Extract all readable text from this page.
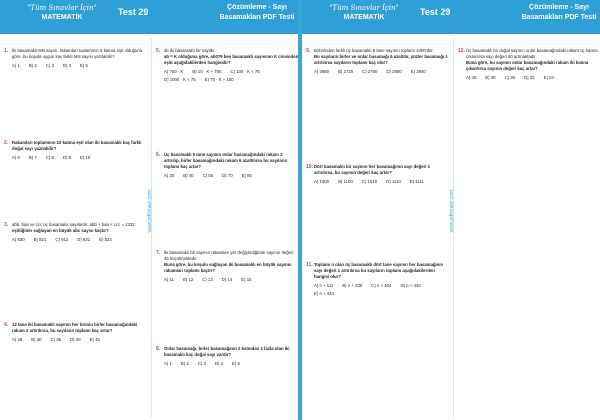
"Tüm Sınavlar İçin"
MATEMATİK
Test 29	Çözümleme - Sayı Basamakları PDF Testi
www.pdfsinavi.com
1. İki basamaklı MN sayısı, rakamları toplamının 5 katına eşit olduğuna göre, bu koşula uygun kaç farklı MN sayısı yazılabilir?
A) 1 B) 2 C) 3 D) 4 E) 5
2. Rakamları toplamının 10 katına eşit olan iki basamaklı kaç farklı doğal sayı yazılabilir?
A) 6 B) 7 C) 8 D) 9 E) 10
3. abb, baa ve ccc üç basamaklı sayılardır. abb + baa < ccc = 1332
eşitliğinin sağlayan en büyük abc sayısı kaçtır?
A) 930 B) 821 C) 912 D) 831 E) 822
4. 12 tane iki basamaklı sayının her birinin birler basamağındaki rakam 2 artırılırsa, bu sayıların toplamı kaç artar?
A) 28 B) 30 C) 36 D) 40 E) 45
5. ab iki basamaklı bir sayıdır.
ab = K olduğuna göre, ab079 beş basamaklı sayısının K cinsinden eşiti aşağıdakilerden hangisidir?
A) 750 · K B) 10 · K + 750 C) 100 · K + 75
D) 1000 · K + 75 E) 75 · K + 100
6. Üç basamaklı 5 tane sayının onlar basamağındaki rakam 2 artırılıp, birler basamağındaki rakam 6 azaltılırsa bu sayıların toplamı kaç artar?
A) 20 B) 40 C) 55 D) 70 E) 80
7. İki basamaklı bir sayının rakamları yer değiştirdiğinde sayının değeri 45 küçülmektedir.
Buna göre, bu koşulu sağlayan iki basamaklı en büyük sayının rakamları toplamı kaçtır?
A) 11 B) 12 C) 13 D) 14 E) 15
8. Onlar basamağı, birler basamağının 2 katından 1 fazla olan iki basamaklı kaç doğal sayı vardır?
A) 1 B) 2 C) 3 D) 4 E) 5
"Tüm Sınavlar İçin"
MATEMATİK
Test 29	Çözümleme - Sayı Basamakları PDF Testi
www.pdfsinavi.com
9. Birbirinden farklı üç basamaklı 8 tane sayının toplamı 2400'dür.
Bu sayıların birler ve onlar basamağı 5 azaltılır, yüzler basamağı 1 artırılırsa sayıların toplamı kaç olur?
A) 2680 B) 2720 C) 2760 D) 2800 E) 2840
10. Dört basamaklı bir sayının her basamağının sayı değeri 1 artırılırsa, bu sayının değeri kaç artar?
A) 1000 B) 1100 C) 1010 D) 1110 E) 1111
11. Toplamı n olan üç basamaklı dört tane sayının her basamağının sayı değeri 1 artırılırsa bu sayıların toplamı aşağıdakilerden hangisi olur?
A) n + 111 B) n + 220 C) n + 404 D) n + 440
E) n + 444
12. Üç basamaklı bir doğal sayının onlar basamağındaki rakam üç katına çıkarılırsa sayı değeri 60 artmaktadır.
Buna göre, bu sayının onlar basamağındaki rakam iki katına çıkarılırsa sayının değeri kaç artar?
A) 45 B) 40 C) 36 D) 32 E) 24
